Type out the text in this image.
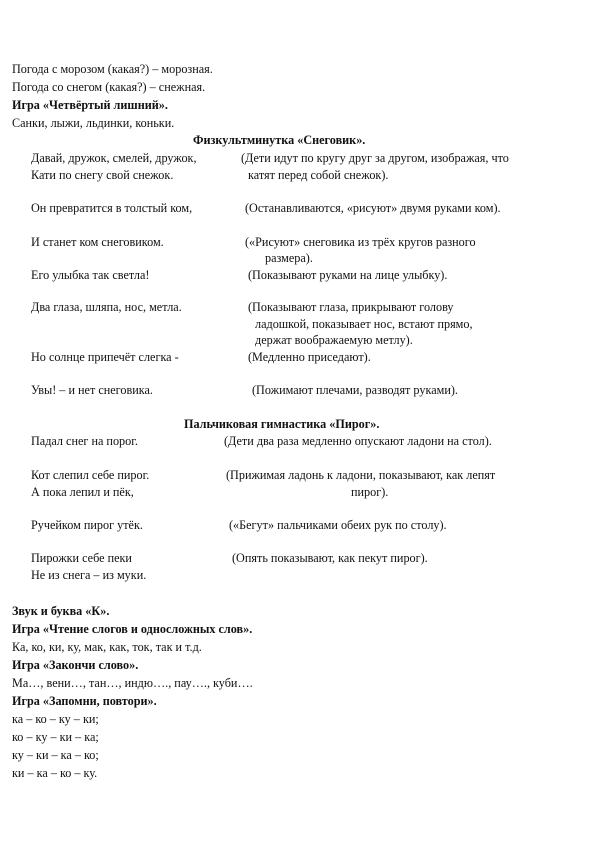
Погода с морозом (какая?) – морозная.
Погода со снегом (какая?) – снежная.
Игра «Четвёртый лишний».
Санки, лыжи, льдинки, коньки.
Физкультминутка «Снеговик».
Давай, дружок, смелей, дружок,
Кати по снегу свой снежок.
Он превратится в толстый ком,
И станет ком снеговиком.
Его улыбка так светла!
Два глаза, шляпа, нос, метла.
Но солнце припечёт слегка -
Увы! – и нет снеговика.
(Дети идут по кругу друг за другом, изображая, что
катят перед собой снежок).
(Останавливаются, «рисуют» двумя руками ком).
(«Рисуют» снеговика из трёх кругов разного
размера).
(Показывают руками на лице улыбку).
(Показывают глаза, прикрывают голову
ладошкой, показывает нос, встают прямо,
держат воображаемую метлу).
(Медленно приседают).
(Пожимают плечами, разводят руками).
Пальчиковая гимнастика «Пирог».
Падал снег на порог.
Кот слепил себе пирог.
А пока лепил и пёк,
Ручейком пирог утёк.
Пирожки себе пеки
Не из снега – из муки.
(Дети два раза медленно опускают ладони на стол).
(Прижимая ладонь к ладони, показывают, как лепят
пирог).
(«Бегут» пальчиками обеих рук по столу).
(Опять показывают, как пекут пирог).
Звук и буква «К».
Игра «Чтение слогов и односложных слов».
Ка, ко, ки, ку, мак, как, ток, так и т.д.
Игра «Закончи слово».
Ма…, вени…, тан…, индю…., пау…., куби….
Игра «Запомни, повтори».
ка – ко – ку – ки;
ко – ку – ки – ка;
ку – ки – ка – ко;
ки – ка – ко – ку.
